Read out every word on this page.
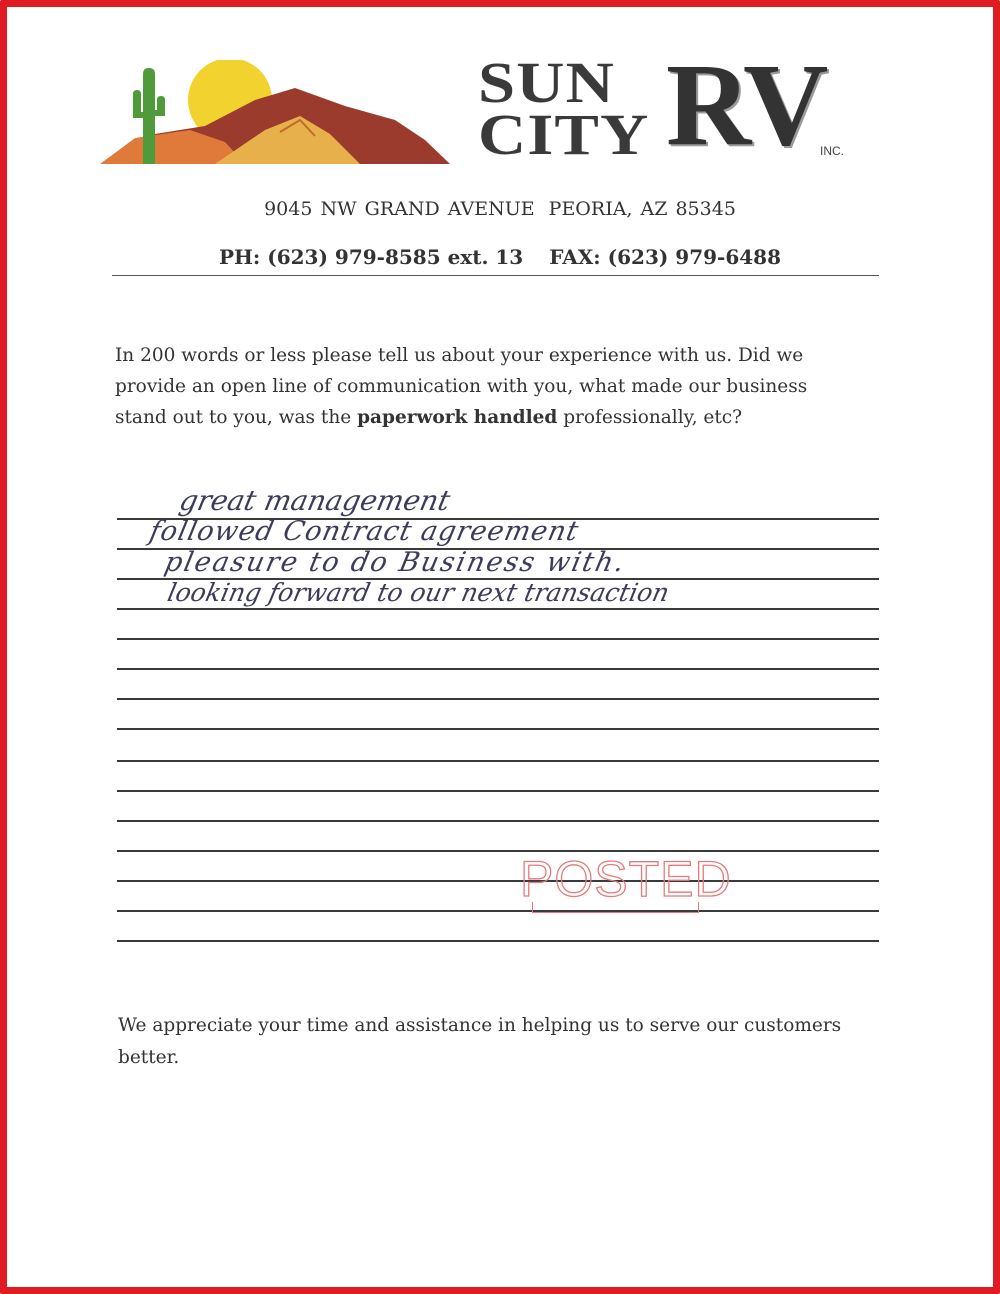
SUN
CITY RV
INC.
9045 NW GRAND AVENUE PEORIA, AZ 85345
PH: (623) 979-8585 ext. 13 FAX: (623) 979-6488
In 200 words or less please tell us about your experience with us. Did we provide an open line of communication with you, what made our business stand out to you, was the paperwork handled professionally, etc?
great management
followed Contract agreement
pleasure to do Business with.
looking forward to our next transaction
POSTED
We appreciate your time and assistance in helping us to serve our customers better.
